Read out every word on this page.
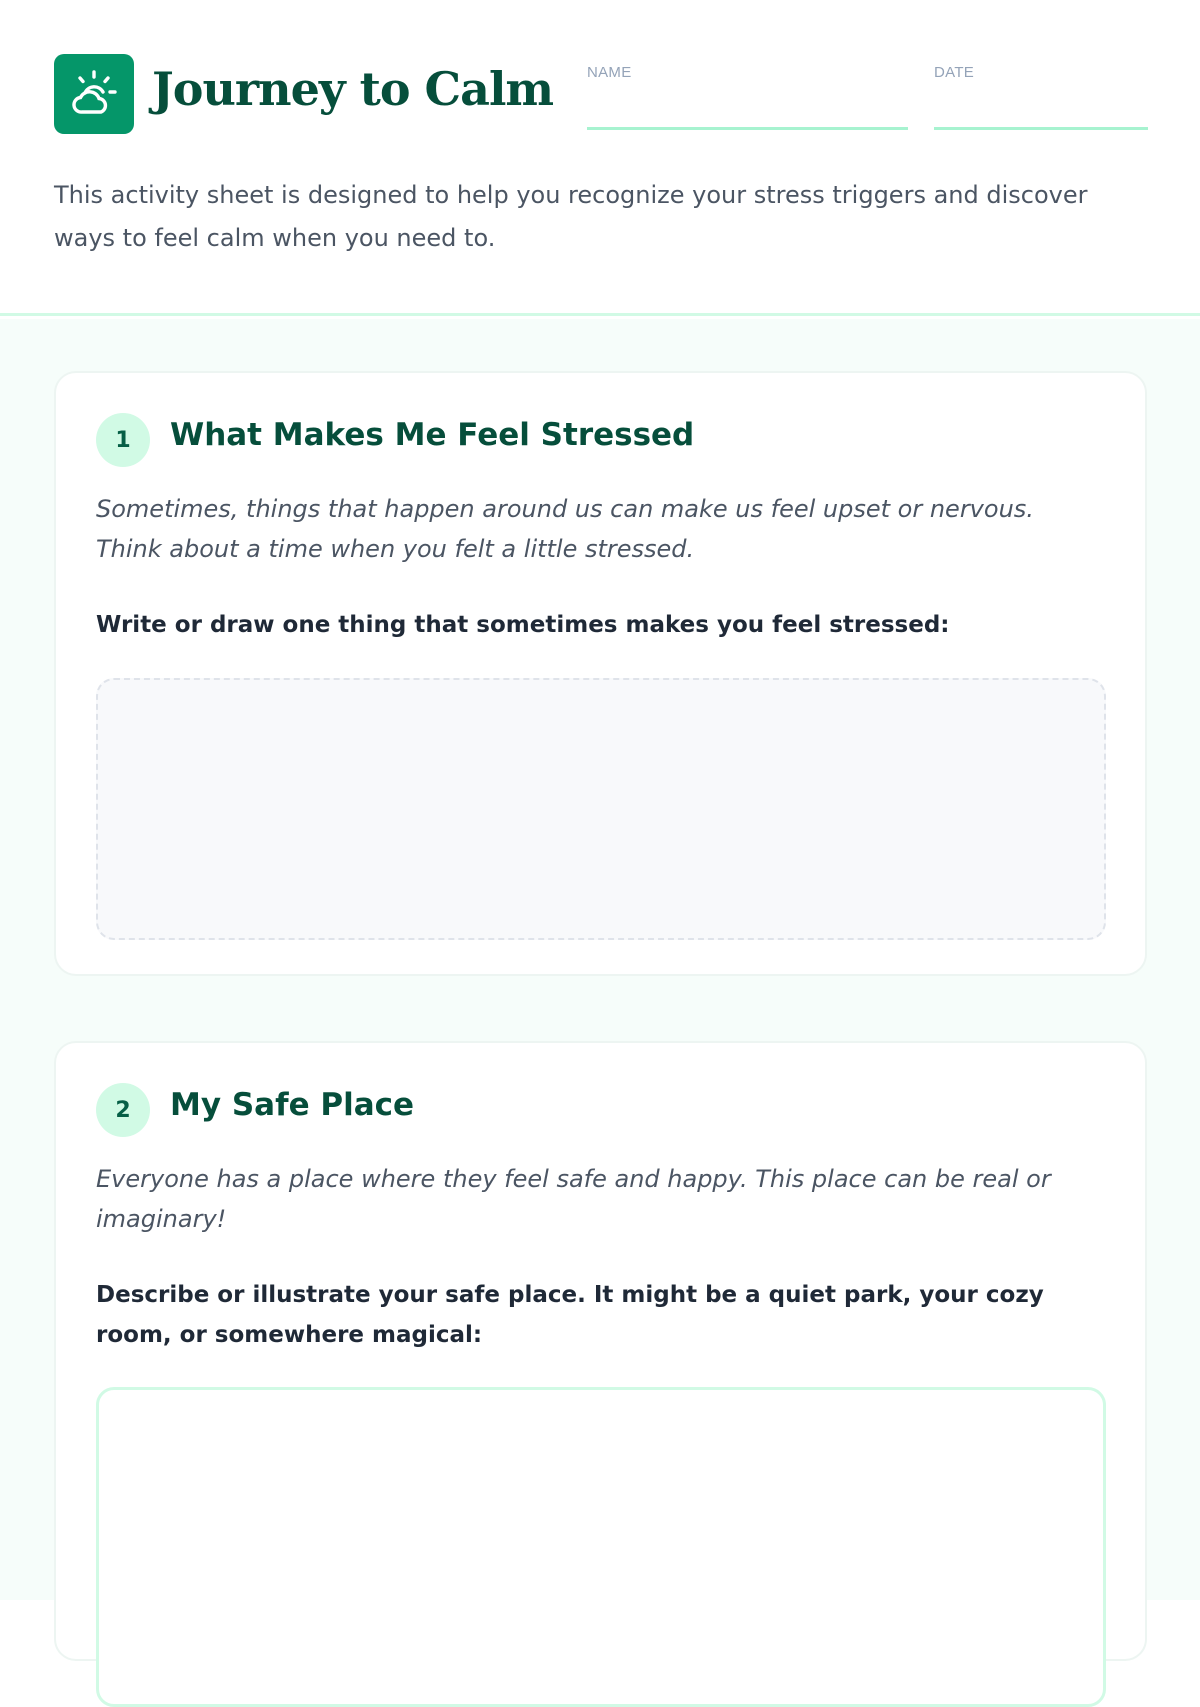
Journey to Calm NAME	DATE

This activity sheet is designed to help you recognize your stress triggers and discover ways to feel calm when you need to.

1	What Makes Me Feel Stressed

Sometimes, things that happen around us can make us feel upset or nervous. Think about a time when you felt a little stressed.

Write or draw one thing that sometimes makes you feel stressed:

2	My Safe Place

Everyone has a place where they feel safe and happy. This place can be real or imaginary!

Describe or illustrate your safe place. It might be a quiet park, your cozy room, or somewhere magical:
